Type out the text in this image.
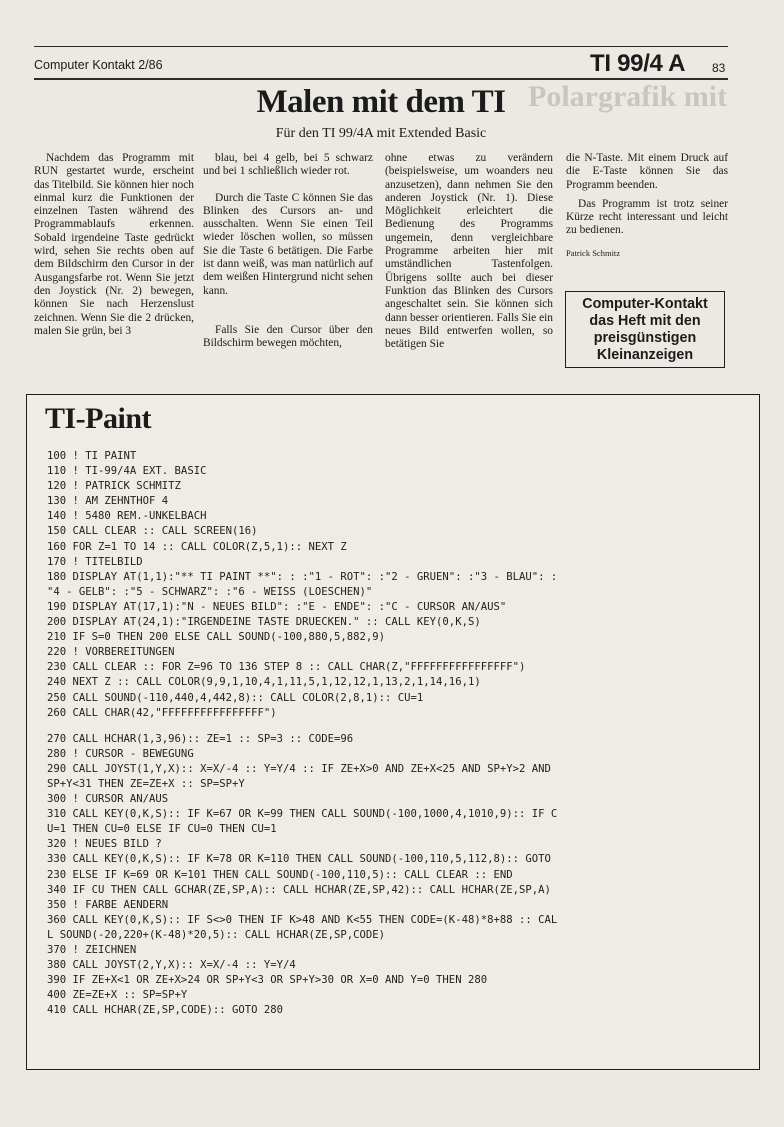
Polargrafik mit
Computer Kontakt 2/86	TI 99/4 A 83
Malen mit dem TI
Für den TI 99/4A mit Extended Basic

Nachdem das Programm mit RUN gestartet wurde, erscheint das Titelbild. Sie können hier noch einmal kurz die Funktionen der einzelnen Tasten während des Programmablaufs erkennen. Sobald irgendeine Taste gedrückt wird, sehen Sie rechts oben auf dem Bildschirm den Cursor in der Ausgangsfarbe rot. Wenn Sie jetzt den Joystick (Nr. 2) bewegen, können Sie nach Herzenslust zeichnen. Wenn Sie die 2 drücken, malen Sie grün, bei 3

blau, bei 4 gelb, bei 5 schwarz und bei 1 schließlich wieder rot.

Durch die Taste C können Sie das Blinken des Cursors an- und ausschalten. Wenn Sie einen Teil wieder löschen wollen, so müssen Sie die Taste 6 betätigen. Die Farbe ist dann weiß, was man natürlich auf dem weißen Hintergrund nicht sehen kann.

Falls Sie den Cursor über den Bildschirm bewegen möchten,

ohne etwas zu verändern (beispielsweise, um woanders neu anzusetzen), dann nehmen Sie den anderen Joystick (Nr. 1). Diese Möglichkeit erleichtert die Bedienung des Programms ungemein, denn vergleichbare Programme arbeiten hier mit umständlichen Tastenfolgen. Übrigens sollte auch bei dieser Funktion das Blinken des Cursors angeschaltet sein. Sie können sich dann besser orientieren. Falls Sie ein neues Bild entwerfen wollen, so betätigen Sie

die N-Taste. Mit einem Druck auf die E-Taste können Sie das Programm beenden.

Das Programm ist trotz seiner Kürze recht interessant und leicht zu bedienen.

Patrick Schmitz

Computer-Kontakt
das Heft mit den
preisgünstigen
Kleinanzeigen
TI-Paint
100 ! TI PAINT
110 ! TI-99/4A EXT. BASIC
120 ! PATRICK SCHMITZ
130 ! AM ZEHNTHOF 4
140 ! 5480 REM.-UNKELBACH
150 CALL CLEAR :: CALL SCREEN(16)
160 FOR Z=1 TO 14 :: CALL COLOR(Z,5,1):: NEXT Z
170 ! TITELBILD
180 DISPLAY AT(1,1):"** TI PAINT **": : :"1 - ROT": :"2 - GRUEN": :"3 - BLAU": :
"4 - GELB": :"5 - SCHWARZ": :"6 - WEISS (LOESCHEN)"
190 DISPLAY AT(17,1):"N - NEUES BILD": :"E - ENDE": :"C - CURSOR AN/AUS"
200 DISPLAY AT(24,1):"IRGENDEINE TASTE DRUECKEN." :: CALL KEY(0,K,S)
210 IF S=0 THEN 200 ELSE CALL SOUND(-100,880,5,882,9)
220 ! VORBEREITUNGEN
230 CALL CLEAR :: FOR Z=96 TO 136 STEP 8 :: CALL CHAR(Z,"FFFFFFFFFFFFFFFF")
240 NEXT Z :: CALL COLOR(9,9,1,10,4,1,11,5,1,12,12,1,13,2,1,14,16,1)
250 CALL SOUND(-110,440,4,442,8):: CALL COLOR(2,8,1):: CU=1
260 CALL CHAR(42,"FFFFFFFFFFFFFFFF")
270 CALL HCHAR(1,3,96):: ZE=1 :: SP=3 :: CODE=96
280 ! CURSOR - BEWEGUNG
290 CALL JOYST(1,Y,X):: X=X/-4 :: Y=Y/4 :: IF ZE+X>0 AND ZE+X<25 AND SP+Y>2 AND
SP+Y<31 THEN ZE=ZE+X :: SP=SP+Y
300 ! CURSOR AN/AUS
310 CALL KEY(0,K,S):: IF K=67 OR K=99 THEN CALL SOUND(-100,1000,4,1010,9):: IF C
U=1 THEN CU=0 ELSE IF CU=0 THEN CU=1
320 ! NEUES BILD ?
330 CALL KEY(0,K,S):: IF K=78 OR K=110 THEN CALL SOUND(-100,110,5,112,8):: GOTO
230 ELSE IF K=69 OR K=101 THEN CALL SOUND(-100,110,5):: CALL CLEAR :: END
340 IF CU THEN CALL GCHAR(ZE,SP,A):: CALL HCHAR(ZE,SP,42):: CALL HCHAR(ZE,SP,A)
350 ! FARBE AENDERN
360 CALL KEY(0,K,S):: IF S<>0 THEN IF K>48 AND K<55 THEN CODE=(K-48)*8+88 :: CAL
L SOUND(-20,220+(K-48)*20,5):: CALL HCHAR(ZE,SP,CODE)
370 ! ZEICHNEN
380 CALL JOYST(2,Y,X):: X=X/-4 :: Y=Y/4
390 IF ZE+X<1 OR ZE+X>24 OR SP+Y<3 OR SP+Y>30 OR X=0 AND Y=0 THEN 280
400 ZE=ZE+X :: SP=SP+Y
410 CALL HCHAR(ZE,SP,CODE):: GOTO 280
